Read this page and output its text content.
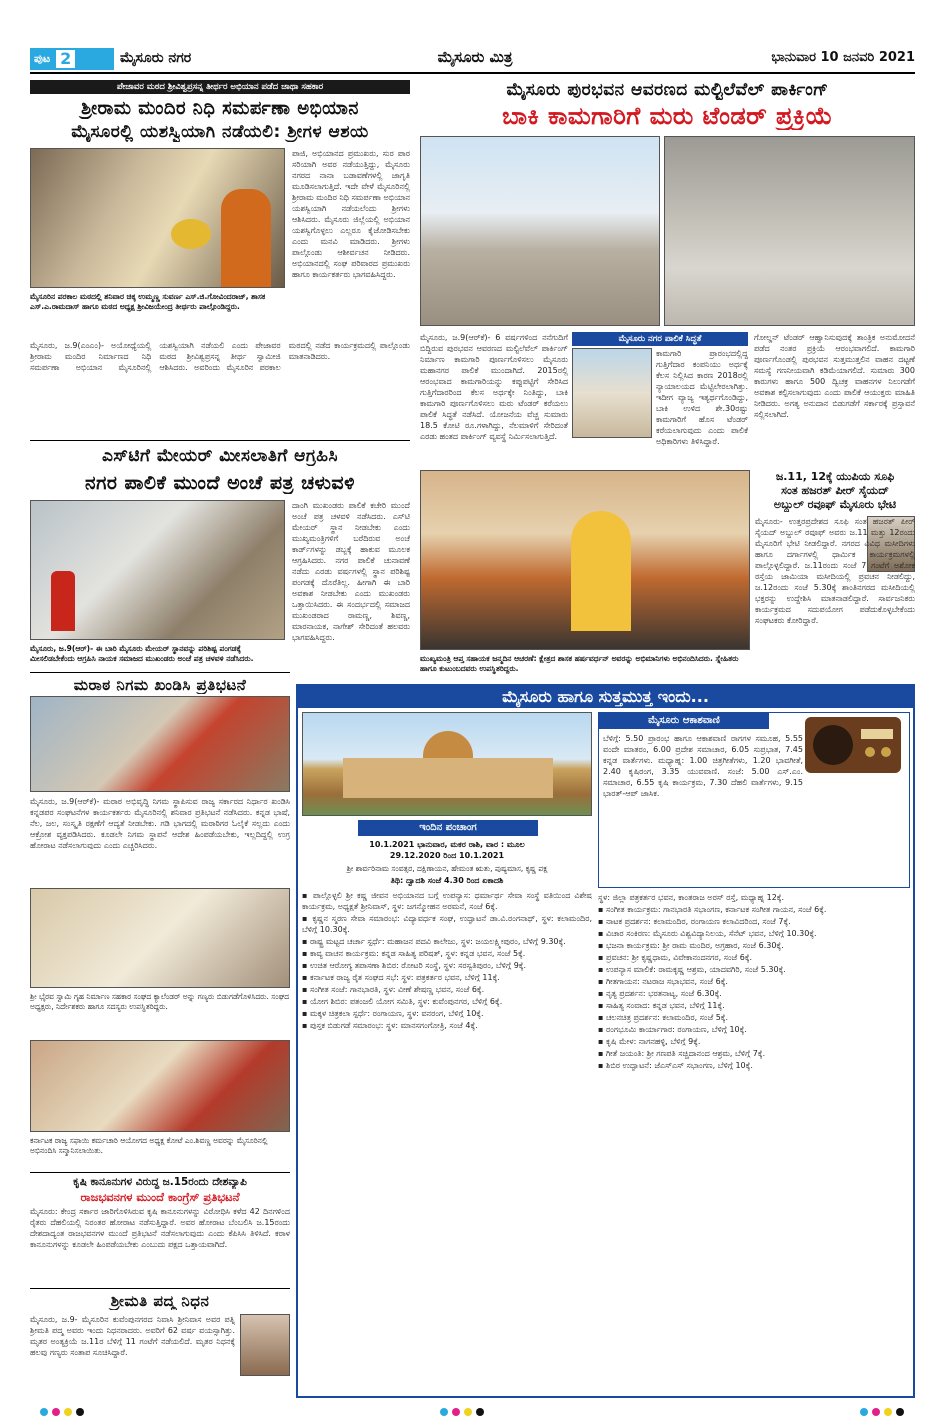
ಪುಟ 2	ಮೈಸೂರು ನಗರ	ಮೈಸೂರು ಮಿತ್ರ	ಭಾನುವಾರ 10 ಜನವರಿ 2021
ಪೇಜಾವರ ಮಠದ ಶ್ರೀವಿಶ್ವಪ್ರಸನ್ನ ತೀರ್ಥರ ಅಭಿಯಾನ ಪಡೆದ ಜಾಥಾ ಸಹಕಾರ
ಶ್ರೀರಾಮ ಮಂದಿರ ನಿಧಿ ಸಮರ್ಪಣಾ ಅಭಿಯಾನ
ಮೈಸೂರಲ್ಲಿ ಯಶಸ್ವಿಯಾಗಿ ನಡೆಯಲಿ: ಶ್ರೀಗಳ ಆಶಯ
ಮೈಸೂರಿನ ಪರಕಾಲ ಮಠದಲ್ಲಿ ಶನಿವಾರ ಚಿಕ್ಕ ಉಮ್ಮಣ್ಣ ಸುವರ್ಣ ಎಸ್.ಜಿ.ಗೋವಿಂದರಾಜ್, ಶಾಸಕ ಎಸ್.ಎ.ರಾಮದಾಸ್ ಹಾಗೂ ಮಠದ ಅಧ್ಯಕ್ಷ ಶ್ರೀವಿಜಯೇಂದ್ರ ತೀರ್ಥರು ಪಾಲ್ಗೊಂಡಿದ್ದರು.
ಪಾಜಿ, ಅಭಿಯಾನದ ಪ್ರಮುಖರು, ಸುರ ಪಾರ ಸರಿಯಾಗಿ ಅವರ ನಡೆಯುತ್ತಿದ್ದು, ಮೈಸೂರು ನಗರದ ನಾನಾ ಬಡಾವಣೆಗಳಲ್ಲಿ ಜಾಗೃತಿ ಮೂಡಿಸಲಾಗುತ್ತಿದೆ. ಇದೇ ವೇಳೆ ಮೈಸೂರಿನಲ್ಲಿ ಶ್ರೀರಾಮ ಮಂದಿರ ನಿಧಿ ಸಮರ್ಪಣಾ ಅಭಿಯಾನ ಯಶಸ್ವಿಯಾಗಿ ನಡೆಯಲೆಂದು ಶ್ರೀಗಳು ಆಶಿಸಿದರು. ಮೈಸೂರು ಜಿಲ್ಲೆಯಲ್ಲಿ ಅಭಿಯಾನ ಯಶಸ್ವಿಗೊಳ್ಳಲು ಎಲ್ಲರೂ ಕೈಜೋಡಿಸಬೇಕು ಎಂದು ಮನವಿ ಮಾಡಿದರು. ಶ್ರೀಗಳು ಪಾಲ್ಗೊಂಡು ಆಶೀರ್ವಚನ ನೀಡಿದರು. ಅಭಿಯಾನದಲ್ಲಿ ಸಂಘ ಪರಿವಾರದ ಪ್ರಮುಖರು ಹಾಗೂ ಕಾರ್ಯಕರ್ತರು ಭಾಗವಹಿಸಿದ್ದರು.
ಮೈಸೂರು, ಜ.9(ಎಂಎಂ)- ಅಯೋಧ್ಯೆಯಲ್ಲಿ ಶ್ರೀರಾಮ ಮಂದಿರ ನಿರ್ಮಾಣದ ನಿಧಿ ಸಮರ್ಪಣಾ ಅಭಿಯಾನ ಮೈಸೂರಿನಲ್ಲಿ ಯಶಸ್ವಿಯಾಗಿ ನಡೆಯಲಿ ಎಂದು ಪೇಜಾವರ ಮಠದ ಶ್ರೀವಿಶ್ವಪ್ರಸನ್ನ ತೀರ್ಥ ಸ್ವಾಮೀಜಿ ಆಶಿಸಿದರು. ಅವರಿಂದು ಮೈಸೂರಿನ ಪರಕಾಲ ಮಠದಲ್ಲಿ ನಡೆದ ಕಾರ್ಯಕ್ರಮದಲ್ಲಿ ಪಾಲ್ಗೊಂಡು ಮಾತನಾಡಿದರು.
ಮೈಸೂರು ಪುರಭವನ ಆವರಣದ ಮಲ್ಟಿಲೆವೆಲ್ ಪಾರ್ಕಿಂಗ್
ಬಾಕಿ ಕಾಮಗಾರಿಗೆ ಮರು ಟೆಂಡರ್ ಪ್ರಕ್ರಿಯೆ
ಮೈಸೂರು, ಜ.9(ಆರ್‌ಕೆ)- 6 ವರ್ಷಗಳಿಂದ ನನೆಗುದಿಗೆ ಬಿದ್ದಿರುವ ಪುರಭವನ ಆವರಣದ ಮಲ್ಟಿಲೆವೆಲ್ ಪಾರ್ಕಿಂಗ್ ನಿರ್ಮಾಣ ಕಾಮಗಾರಿ ಪೂರ್ಣಗೊಳಿಸಲು ಮೈಸೂರು ಮಹಾನಗರ ಪಾಲಿಕೆ ಮುಂದಾಗಿದೆ. 2015ರಲ್ಲಿ ಆರಂಭವಾದ ಕಾಮಗಾರಿಯನ್ನು ಕಪ್ಪುಪಟ್ಟಿಗೆ ಸೇರಿಸಿದ ಗುತ್ತಿಗೆದಾರರಿಂದ ಕೆಲಸ ಅರ್ಧಕ್ಕೇ ನಿಂತಿದ್ದು, ಬಾಕಿ ಕಾಮಗಾರಿ ಪೂರ್ಣಗೊಳಿಸಲು ಮರು ಟೆಂಡರ್ ಕರೆಯಲು ಪಾಲಿಕೆ ಸಿದ್ಧತೆ ನಡೆಸಿದೆ. ಯೋಜನೆಯ ವೆಚ್ಚ ಸುಮಾರು 18.5 ಕೋಟಿ ರೂ.ಗಳಾಗಿದ್ದು, ನೆಲಮಾಳಿಗೆ ಸೇರಿದಂತೆ ಎರಡು ಹಂತದ ಪಾರ್ಕಿಂಗ್ ವ್ಯವಸ್ಥೆ ನಿರ್ಮಿಸಲಾಗುತ್ತಿದೆ.
ಮೈಸೂರು ನಗರ ಪಾಲಿಕೆ ಸಿದ್ಧತೆ
ಕಾಮಗಾರಿ ಪ್ರಾರಂಭದಲ್ಲಿದ್ದ ಗುತ್ತಿಗೆದಾರ ಕಂಪನಿಯು ಅರ್ಧಕ್ಕೆ ಕೆಲಸ ನಿಲ್ಲಿಸಿದ ಕಾರಣ 2018ರಲ್ಲಿ ನ್ಯಾಯಾಲಯದ ಮೆಟ್ಟಿಲೇರಲಾಗಿತ್ತು. ಇದೀಗ ವ್ಯಾಜ್ಯ ಇತ್ಯರ್ಥಗೊಂಡಿದ್ದು, ಬಾಕಿ ಉಳಿದ ಶೇ.30ರಷ್ಟು ಕಾಮಗಾರಿಗೆ ಹೊಸ ಟೆಂಡರ್ ಕರೆಯಲಾಗುವುದು ಎಂದು ಪಾಲಿಕೆ ಅಧಿಕಾರಿಗಳು ತಿಳಿಸಿದ್ದಾರೆ.
ಗೋಲ್ಡನ್ ಟೆಂಡರ್ ಆಹ್ವಾನಿಸುವುದಕ್ಕೆ ತಾಂತ್ರಿಕ ಅನುಮೋದನೆ ಪಡೆದ ನಂತರ ಪ್ರಕ್ರಿಯೆ ಆರಂಭವಾಗಲಿದೆ. ಕಾಮಗಾರಿ ಪೂರ್ಣಗೊಂಡಲ್ಲಿ ಪುರಭವನ ಸುತ್ತಮುತ್ತಲಿನ ವಾಹನ ದಟ್ಟಣೆ ಸಮಸ್ಯೆ ಗಣನೀಯವಾಗಿ ಕಡಿಮೆಯಾಗಲಿದೆ. ಸುಮಾರು 300 ಕಾರುಗಳು ಹಾಗೂ 500 ದ್ವಿಚಕ್ರ ವಾಹನಗಳ ನಿಲುಗಡೆಗೆ ಅವಕಾಶ ಕಲ್ಪಿಸಲಾಗುವುದು ಎಂದು ಪಾಲಿಕೆ ಆಯುಕ್ತರು ಮಾಹಿತಿ ನೀಡಿದರು. ಅಗತ್ಯ ಅನುದಾನ ಬಿಡುಗಡೆಗೆ ಸರ್ಕಾರಕ್ಕೆ ಪ್ರಸ್ತಾವನೆ ಸಲ್ಲಿಸಲಾಗಿದೆ.
ಎಸ್‌ಟಿಗೆ ಮೇಯರ್ ಮೀಸಲಾತಿಗೆ ಆಗ್ರಹಿಸಿ
ನಗರ ಪಾಲಿಕೆ ಮುಂದೆ ಅಂಚೆ ಪತ್ರ ಚಳುವಳಿ
ಮೈಸೂರು, ಜ.9(ಆರ್)- ಈ ಬಾರಿ ಮೈಸೂರು ಮೇಯರ್ ಸ್ಥಾನವನ್ನು ಪರಿಶಿಷ್ಟ ಪಂಗಡಕ್ಕೆ ಮೀಸಲಿಡಬೇಕೆಂದು ಆಗ್ರಹಿಸಿ ನಾಯಕ ಸಮಾಜದ ಮುಖಂಡರು ಅಂಚೆ ಪತ್ರ ಚಳವಳಿ ನಡೆಸಿದರು.
ದಾಂಗಿ ಮುಖಂಡರು ಪಾಲಿಕೆ ಕಚೇರಿ ಮುಂದೆ ಅಂಚೆ ಪತ್ರ ಚಳವಳಿ ನಡೆಸಿದರು. ಎಸ್‌ಟಿ ಮೇಯರ್ ಸ್ಥಾನ ನೀಡಬೇಕು ಎಂದು ಮುಖ್ಯಮಂತ್ರಿಗಳಿಗೆ ಬರೆದಿರುವ ಅಂಚೆ ಕಾರ್ಡ್‌ಗಳನ್ನು ಡಬ್ಬಕ್ಕೆ ಹಾಕುವ ಮೂಲಕ ಆಗ್ರಹಿಸಿದರು. ನಗರ ಪಾಲಿಕೆ ಚುನಾವಣೆ ನಡೆದು ಎರಡು ವರ್ಷಗಳಲ್ಲಿ ಸ್ಥಾನ ಪರಿಶಿಷ್ಟ ಪಂಗಡಕ್ಕೆ ದೊರೆತಿಲ್ಲ. ಹೀಗಾಗಿ ಈ ಬಾರಿ ಅವಕಾಶ ನೀಡಬೇಕು ಎಂದು ಮುಖಂಡರು ಒತ್ತಾಯಿಸಿದರು. ಈ ಸಂದರ್ಭದಲ್ಲಿ ಸಮಾಜದ ಮುಖಂಡರಾದ ರಾಮಣ್ಣ, ಶಿವಣ್ಣ, ಮಾರನಾಯಕ, ನಾಗೇಶ್ ಸೇರಿದಂತೆ ಹಲವರು ಭಾಗವಹಿಸಿದ್ದರು.
ಮುಖ್ಯಮಂತ್ರಿ ಆಪ್ತ ಸಹಾಯಕ ಜನ್ಮದಿನ ಆಚರಣೆ: ಕ್ಷೇತ್ರದ ಶಾಸಕ ಹರ್ಷವರ್ಧನ್ ಅವರನ್ನು ಅಭಿಮಾನಿಗಳು ಅಭಿನಂದಿಸಿದರು. ಸ್ನೇಹಿತರು ಹಾಗೂ ಕುಟುಂಬದವರು ಉಪಸ್ಥಿತರಿದ್ದರು.
ಜ.11, 12ಕ್ಕೆ ಯುಪಿಯ ಸೂಫಿ
ಸಂತ ಹಜರತ್ ಪೀರ್ ಸೈಯದ್
ಅಬ್ದುಲ್ ರವೂಫ್ ಮೈಸೂರು ಭೇಟಿ
ಮೈಸೂರು- ಉತ್ತರಪ್ರದೇಶದ ಸೂಫಿ ಸಂತ ಹಜರತ್ ಪೀರ್ ಸೈಯದ್ ಅಬ್ದುಲ್ ರವೂಫ್ ಅವರು ಜ.11 ಮತ್ತು 12ರಂದು ಮೈಸೂರಿಗೆ ಭೇಟಿ ನೀಡಲಿದ್ದಾರೆ. ನಗರದ ವಿವಿಧ ಮಸೀದಿಗಳು ಹಾಗೂ ದರ್ಗಾಗಳಲ್ಲಿ ಧಾರ್ಮಿಕ ಕಾರ್ಯಕ್ರಮಗಳಲ್ಲಿ ಪಾಲ್ಗೊಳ್ಳಲಿದ್ದಾರೆ. ಜ.11ರಂದು ಸಂಜೆ 7 ಗಂಟೆಗೆ ಅಶೋಕ ರಸ್ತೆಯ ಜಾಮಿಯಾ ಮಸೀದಿಯಲ್ಲಿ ಪ್ರವಚನ ನೀಡಲಿದ್ದು, ಜ.12ರಂದು ಸಂಜೆ 5.30ಕ್ಕೆ ಶಾಂತಿನಗರದ ಮಸೀದಿಯಲ್ಲಿ ಭಕ್ತರನ್ನು ಉದ್ದೇಶಿಸಿ ಮಾತನಾಡಲಿದ್ದಾರೆ. ಸಾರ್ವಜನಿಕರು ಕಾರ್ಯಕ್ರಮದ ಸದುಪಯೋಗ ಪಡೆದುಕೊಳ್ಳಬೇಕೆಂದು ಸಂಘಟಕರು ಕೋರಿದ್ದಾರೆ.
ಮರಾಠ ನಿಗಮ ಖಂಡಿಸಿ ಪ್ರತಿಭಟನೆ
ಮೈಸೂರು, ಜ.9(ಆರ್‌ಕೆ)- ಮರಾಠ ಅಭಿವೃದ್ಧಿ ನಿಗಮ ಸ್ಥಾಪಿಸುವ ರಾಜ್ಯ ಸರ್ಕಾರದ ನಿರ್ಧಾರ ಖಂಡಿಸಿ ಕನ್ನಡಪರ ಸಂಘಟನೆಗಳ ಕಾರ್ಯಕರ್ತರು ಮೈಸೂರಿನಲ್ಲಿ ಶನಿವಾರ ಪ್ರತಿಭಟನೆ ನಡೆಸಿದರು. ಕನ್ನಡ ಭಾಷೆ, ನೆಲ, ಜಲ, ಸಂಸ್ಕೃತಿ ರಕ್ಷಣೆಗೆ ಆದ್ಯತೆ ನೀಡಬೇಕು. ಗಡಿ ಭಾಗದಲ್ಲಿ ಮರಾಠಿಗರ ಓಲೈಕೆ ಸಲ್ಲದು ಎಂದು ಆಕ್ರೋಶ ವ್ಯಕ್ತಪಡಿಸಿದರು. ಕೂಡಲೇ ನಿಗಮ ಸ್ಥಾಪನೆ ಆದೇಶ ಹಿಂಪಡೆಯಬೇಕು, ಇಲ್ಲದಿದ್ದಲ್ಲಿ ಉಗ್ರ ಹೋರಾಟ ನಡೆಸಲಾಗುವುದು ಎಂದು ಎಚ್ಚರಿಸಿದರು.
ಶ್ರೀ ಭೈರವ ಸ್ವಾಮಿ ಗೃಹ ನಿರ್ಮಾಣ ಸಹಕಾರ ಸಂಘದ ಕ್ಯಾಲೆಂಡರ್ ಅನ್ನು ಗಣ್ಯರು ಬಿಡುಗಡೆಗೊಳಿಸಿದರು. ಸಂಘದ ಅಧ್ಯಕ್ಷರು, ನಿರ್ದೇಶಕರು ಹಾಗೂ ಸದಸ್ಯರು ಉಪಸ್ಥಿತರಿದ್ದರು.
ಕರ್ನಾಟಕ ರಾಜ್ಯ ಸಫಾಯಿ ಕರ್ಮಚಾರಿ ಆಯೋಗದ ಅಧ್ಯಕ್ಷ ಕೋಟೆ ಎಂ.ಶಿವಣ್ಣ ಅವರನ್ನು ಮೈಸೂರಿನಲ್ಲಿ ಅಭಿನಂದಿಸಿ ಸನ್ಮಾನಿಸಲಾಯಿತು.
ಕೃಷಿ ಕಾನೂನುಗಳ ವಿರುದ್ಧ ಜ.15ರಂದು ದೇಶವ್ಯಾಪಿ
ರಾಜಭವನಗಳ ಮುಂದೆ ಕಾಂಗ್ರೆಸ್ ಪ್ರತಿಭಟನೆ
ಮೈಸೂರು: ಕೇಂದ್ರ ಸರ್ಕಾರ ಜಾರಿಗೊಳಿಸಿರುವ ಕೃಷಿ ಕಾನೂನುಗಳನ್ನು ವಿರೋಧಿಸಿ ಕಳೆದ 42 ದಿನಗಳಿಂದ ರೈತರು ದೆಹಲಿಯಲ್ಲಿ ನಿರಂತರ ಹೋರಾಟ ನಡೆಸುತ್ತಿದ್ದಾರೆ. ಅವರ ಹೋರಾಟ ಬೆಂಬಲಿಸಿ ಜ.15ರಂದು ದೇಶದಾದ್ಯಂತ ರಾಜಭವನಗಳ ಮುಂದೆ ಪ್ರತಿಭಟನೆ ನಡೆಸಲಾಗುವುದು ಎಂದು ಕೆಪಿಸಿಸಿ ತಿಳಿಸಿದೆ. ಕರಾಳ ಕಾನೂನುಗಳನ್ನು ಕೂಡಲೇ ಹಿಂಪಡೆಯಬೇಕು ಎಂಬುದು ಪಕ್ಷದ ಒತ್ತಾಯವಾಗಿದೆ.
ಶ್ರೀಮತಿ ಪದ್ಮ ನಿಧನ
ಮೈಸೂರು, ಜ.9- ಮೈಸೂರಿನ ಕುವೆಂಪುನಗರದ ನಿವಾಸಿ ಶ್ರೀನಿವಾಸ ಅವರ ಪತ್ನಿ ಶ್ರೀಮತಿ ಪದ್ಮ ಅವರು ಇಂದು ನಿಧನರಾದರು. ಅವರಿಗೆ 62 ವರ್ಷ ವಯಸ್ಸಾಗಿತ್ತು. ಮೃತರ ಅಂತ್ಯಕ್ರಿಯೆ ಜ.11ರ ಬೆಳಿಗ್ಗೆ 11 ಗಂಟೆಗೆ ನಡೆಯಲಿದೆ. ಮೃತರ ನಿಧನಕ್ಕೆ ಹಲವು ಗಣ್ಯರು ಸಂತಾಪ ಸೂಚಿಸಿದ್ದಾರೆ.
ಮೈಸೂರು ಹಾಗೂ ಸುತ್ತಮುತ್ತ ಇಂದು...
ಇಂದಿನ ಪಂಚಾಂಗ
10.1.2021 ಭಾನುವಾರ, ಮಕರ ರಾಶಿ, ವಾರ : ಮೂಲ
29.12.2020 ರಿಂದ 10.1.2021
ಶ್ರೀ ಶಾರ್ವರಿನಾಮ ಸಂವತ್ಸರ, ದಕ್ಷಿಣಾಯನ, ಹೇಮಂತ ಋತು, ಪುಷ್ಯಮಾಸ, ಕೃಷ್ಣ ಪಕ್ಷ
ತಿಥಿ: ದ್ವಾದಶಿ ಸಂಜೆ 4.30 ರಿಂದ ಏಕಾದಶಿ
ಮೈಸೂರು ಆಕಾಶವಾಣಿ
ಬೆಳಿಗ್ಗೆ: 5.50 ಪ್ರಾರಂಭ ಹಾಗೂ ಆಕಾಶವಾಣಿ ರಾಗಗಳ ಸಮೂಹ, 5.55 ವಂದೇ ಮಾತರಂ, 6.00 ಪ್ರದೇಶ ಸಮಾಚಾರ, 6.05 ಸುಪ್ರಭಾತ, 7.45 ಕನ್ನಡ ವಾರ್ತೆಗಳು. ಮಧ್ಯಾಹ್ನ: 1.00 ಚಿತ್ರಗೀತೆಗಳು, 1.20 ಭಾವಗೀತೆ, 2.40 ಕೃಷಿರಂಗ, 3.35 ಯುವವಾಣಿ. ಸಂಜೆ: 5.00 ಎಸ್.ಎಂ. ಸಮಾಚಾರ, 6.55 ಕೃಷಿ ಕಾರ್ಯಕ್ರಮ, 7.30 ದೆಹಲಿ ವಾರ್ತೆಗಳು, 9.15 ಭಾರತ್-ಆಪ್ ಜಾಸಿಕ.
▪ ಪಾಲ್ಗೊಳ್ಳಲಿ ಶ್ರೀ ಕಷ್ಣ ಜೀವನ ಅಭಿಯಾನದ ಬಗ್ಗೆ ಉಪನ್ಯಾಸ: ಧರ್ಮಾರ್ಥ ಸೇವಾ ಸಂಸ್ಥೆ ವತಿಯಿಂದ ವಿಶೇಷ ಕಾರ್ಯಕ್ರಮ, ಅಧ್ಯಕ್ಷತೆ ಶ್ರೀನಿವಾಸ್, ಸ್ಥಳ: ಜಗನ್ಮೋಹನ ಅರಮನೆ, ಸಂಜೆ 6ಕ್ಕೆ.
▪ ಕೃಷ್ಣನ ಸ್ಮರಣ ಸೇವಾ ಸಮಾರಂಭ: ವಿದ್ಯಾವರ್ಧಕ ಸಂಘ, ಉದ್ಘಾಟನೆ ಡಾ.ವಿ.ರಂಗನಾಥ್, ಸ್ಥಳ: ಕಲಾಮಂದಿರ, ಬೆಳಿಗ್ಗೆ 10.30ಕ್ಕೆ.
▪ ರಾಷ್ಟ್ರ ಮಟ್ಟದ ಚರ್ಚಾ ಸ್ಪರ್ಧೆ: ಮಹಾಜನ ಪದವಿ ಕಾಲೇಜು, ಸ್ಥಳ: ಜಯಲಕ್ಷ್ಮೀಪುರಂ, ಬೆಳಿಗ್ಗೆ 9.30ಕ್ಕೆ.
▪ ಕಾವ್ಯ ವಾಚನ ಕಾರ್ಯಕ್ರಮ: ಕನ್ನಡ ಸಾಹಿತ್ಯ ಪರಿಷತ್, ಸ್ಥಳ: ಕನ್ನಡ ಭವನ, ಸಂಜೆ 5ಕ್ಕೆ.
▪ ಉಚಿತ ಆರೋಗ್ಯ ತಪಾಸಣಾ ಶಿಬಿರ: ರೋಟರಿ ಸಂಸ್ಥೆ, ಸ್ಥಳ: ಸರಸ್ವತಿಪುರಂ, ಬೆಳಿಗ್ಗೆ 9ಕ್ಕೆ.
▪ ಕರ್ನಾಟಕ ರಾಜ್ಯ ರೈತ ಸಂಘದ ಸಭೆ: ಸ್ಥಳ: ಪತ್ರಕರ್ತರ ಭವನ, ಬೆಳಿಗ್ಗೆ 11ಕ್ಕೆ.
▪ ಸಂಗೀತ ಸಂಜೆ: ಗಾನಭಾರತಿ, ಸ್ಥಳ: ವೀಣೆ ಶೇಷಣ್ಣ ಭವನ, ಸಂಜೆ 6ಕ್ಕೆ.
▪ ಯೋಗ ಶಿಬಿರ: ಪತಂಜಲಿ ಯೋಗ ಸಮಿತಿ, ಸ್ಥಳ: ಕುವೆಂಪುನಗರ, ಬೆಳಿಗ್ಗೆ 6ಕ್ಕೆ.
▪ ಮಕ್ಕಳ ಚಿತ್ರಕಲಾ ಸ್ಪರ್ಧೆ: ರಂಗಾಯಣ, ಸ್ಥಳ: ವನರಂಗ, ಬೆಳಿಗ್ಗೆ 10ಕ್ಕೆ.
▪ ಪುಸ್ತಕ ಬಿಡುಗಡೆ ಸಮಾರಂಭ: ಸ್ಥಳ: ಮಾನಸಗಂಗೋತ್ರಿ, ಸಂಜೆ 4ಕ್ಕೆ.
ಸ್ಥಳ: ಜಿಲ್ಲಾ ಪತ್ರಕರ್ತರ ಭವನ, ಕಾಂತರಾಜ ಅರಸ್ ರಸ್ತೆ, ಮಧ್ಯಾಹ್ನ 12ಕ್ಕೆ.
▪ ಸಂಗೀತ ಕಾರ್ಯಕ್ರಮ: ಗಾನಭಾರತಿ ಸಭಾಂಗಣ, ಕರ್ನಾಟಕ ಸಂಗೀತ ಗಾಯನ, ಸಂಜೆ 6ಕ್ಕೆ.
▪ ನಾಟಕ ಪ್ರದರ್ಶನ: ಕಲಾಮಂದಿರ, ರಂಗಾಯಣ ಕಲಾವಿದರಿಂದ, ಸಂಜೆ 7ಕ್ಕೆ.
▪ ವಿಚಾರ ಸಂಕಿರಣ: ಮೈಸೂರು ವಿಶ್ವವಿದ್ಯಾನಿಲಯ, ಸೆನೆಟ್ ಭವನ, ಬೆಳಿಗ್ಗೆ 10.30ಕ್ಕೆ.
▪ ಭಜನಾ ಕಾರ್ಯಕ್ರಮ: ಶ್ರೀ ರಾಮ ಮಂದಿರ, ಅಗ್ರಹಾರ, ಸಂಜೆ 6.30ಕ್ಕೆ.
▪ ಪ್ರವಚನ: ಶ್ರೀ ಕೃಷ್ಣಧಾಮ, ವಿವೇಕಾನಂದನಗರ, ಸಂಜೆ 6ಕ್ಕೆ.
▪ ಉಪನ್ಯಾಸ ಮಾಲಿಕೆ: ರಾಮಕೃಷ್ಣ ಆಶ್ರಮ, ಯಾದವಗಿರಿ, ಸಂಜೆ 5.30ಕ್ಕೆ.
▪ ಗೀತಗಾಯನ: ನಟರಾಜ ಸಭಾಭವನ, ಸಂಜೆ 6ಕ್ಕೆ.
▪ ನೃತ್ಯ ಪ್ರದರ್ಶನ: ಭರತನಾಟ್ಯ, ಸಂಜೆ 6.30ಕ್ಕೆ.
▪ ಸಾಹಿತ್ಯ ಸಂವಾದ: ಕನ್ನಡ ಭವನ, ಬೆಳಿಗ್ಗೆ 11ಕ್ಕೆ.
▪ ಚಲನಚಿತ್ರ ಪ್ರದರ್ಶನ: ಕಲಾಮಂದಿರ, ಸಂಜೆ 5ಕ್ಕೆ.
▪ ರಂಗಭೂಮಿ ಕಾರ್ಯಾಗಾರ: ರಂಗಾಯಣ, ಬೆಳಿಗ್ಗೆ 10ಕ್ಕೆ.
▪ ಕೃಷಿ ಮೇಳ: ನಾಗನಹಳ್ಳಿ, ಬೆಳಿಗ್ಗೆ 9ಕ್ಕೆ.
▪ ಗೀತೆ ಜಯಂತಿ: ಶ್ರೀ ಗಣಪತಿ ಸಚ್ಚಿದಾನಂದ ಆಶ್ರಮ, ಬೆಳಿಗ್ಗೆ 7ಕ್ಕೆ.
▪ ಶಿಬಿರ ಉದ್ಘಾಟನೆ: ಜೆಎಸ್‌ಎಸ್ ಸಭಾಂಗಣ, ಬೆಳಿಗ್ಗೆ 10ಕ್ಕೆ.
